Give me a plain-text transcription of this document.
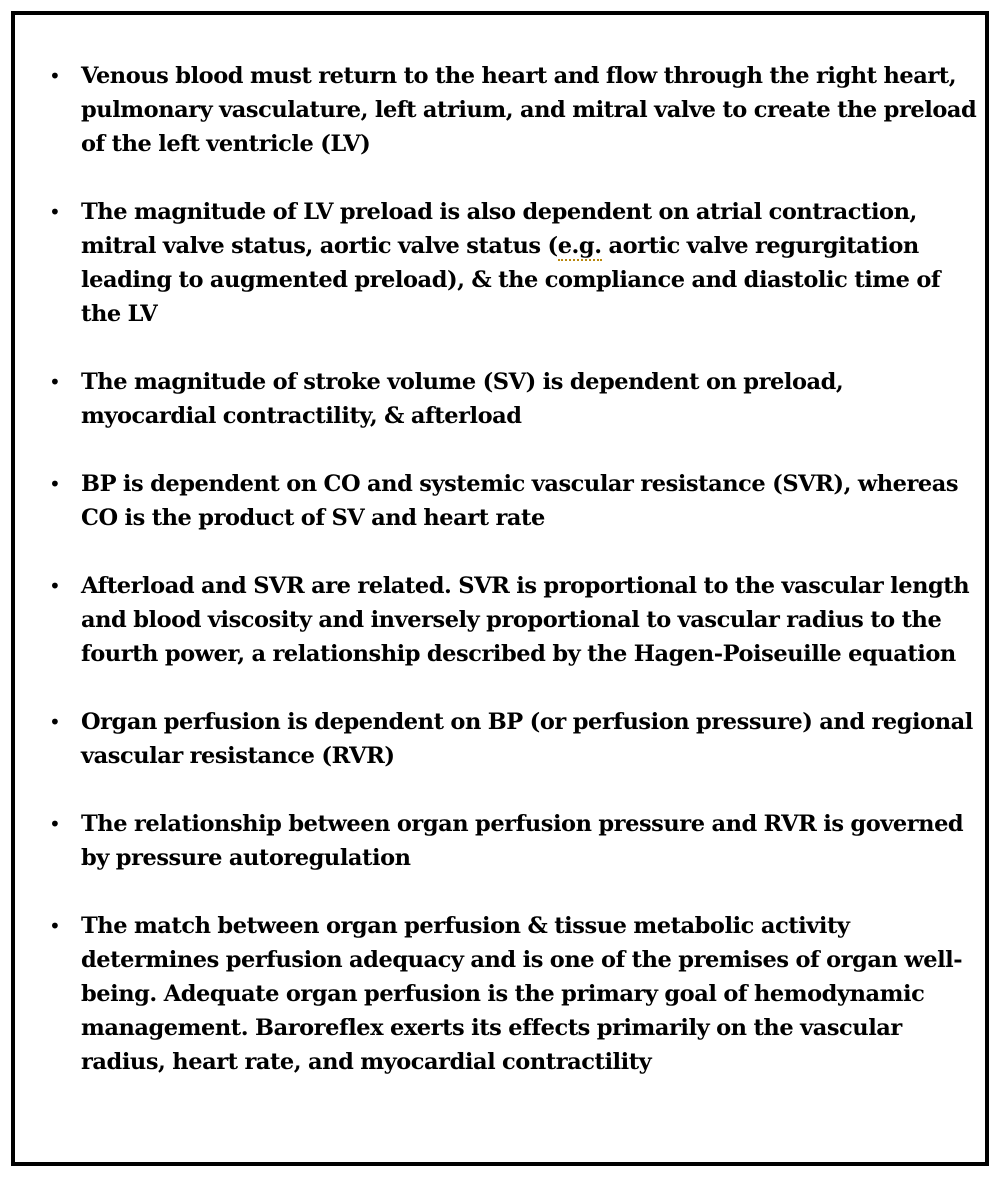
• Venous blood must return to the heart and flow through the right heart, pulmonary vasculature, left atrium, and mitral valve to create the preload of the left ventricle (LV)
• The magnitude of LV preload is also dependent on atrial contraction, mitral valve status, aortic valve status (e.g. aortic valve regurgitation leading to augmented preload), & the compliance and diastolic time of the LV
• The magnitude of stroke volume (SV) is dependent on preload, myocardial contractility, & afterload
• BP is dependent on CO and systemic vascular resistance (SVR), whereas CO is the product of SV and heart rate
• Afterload and SVR are related. SVR is proportional to the vascular length and blood viscosity and inversely proportional to vascular radius to the fourth power, a relationship described by the Hagen-Poiseuille equation
• Organ perfusion is dependent on BP (or perfusion pressure) and regional vascular resistance (RVR)
• The relationship between organ perfusion pressure and RVR is governed by pressure autoregulation
• The match between organ perfusion & tissue metabolic activity determines perfusion adequacy and is one of the premises of organ well-being. Adequate organ perfusion is the primary goal of hemodynamic management. Baroreflex exerts its effects primarily on the vascular radius, heart rate, and myocardial contractility
